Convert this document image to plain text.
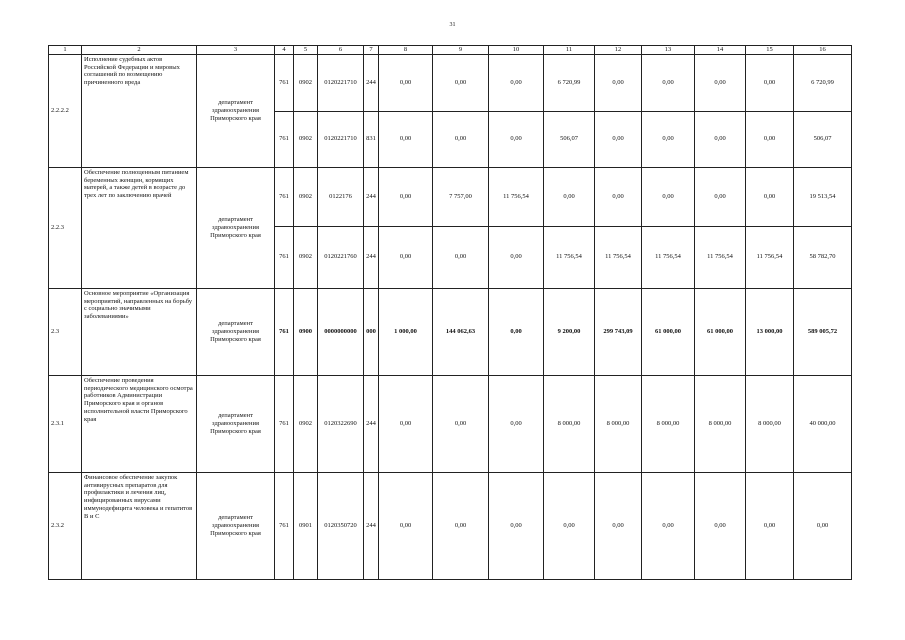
31
1	2	3	4	5	6	7	8	9	10	11	12	13	14	15	16
2.2.2.2	Исполнение судебных актов Российской Федерации и мировых соглашений по возмещению причиненного вреда	департамент здравоохранения Приморского края	761	0902	0120221710	244	0,00	0,00	0,00	6 720,99	0,00	0,00	0,00	0,00	6 720,99
			761	0902	0120221710	831	0,00	0,00	0,00	506,07	0,00	0,00	0,00	0,00	506,07
2.2.3	Обеспечение полноценным питанием беременных женщин, кормящих матерей, а также детей в возрасте до трех лет по заключению врачей	департамент здравоохранения Приморского края	761	0902	0122176	244	0,00	7 757,00	11 756,54	0,00	0,00	0,00	0,00	0,00	19 513,54
			761	0902	0120221760	244	0,00	0,00	0,00	11 756,54	11 756,54	11 756,54	11 756,54	11 756,54	58 782,70
2.3	Основное мероприятие «Организация мероприятий, направленных на борьбу с социально значимыми заболеваниями»	департамент здравоохранения Приморского края	761	0900	0000000000	000	1 000,00	144 062,63	0,00	9 200,00	299 743,09	61 000,00	61 000,00	13 000,00	589 005,72
2.3.1	Обеспечение проведения периодического медицинского осмотра работников Администрации Приморского края и органов исполнительной власти Приморского края	департамент здравоохранения Приморского края	761	0902	0120322690	244	0,00	0,00	0,00	8 000,00	8 000,00	8 000,00	8 000,00	8 000,00	40 000,00
2.3.2	Финансовое обеспечение закупок антивирусных препаратов для профилактики и лечения лиц, инфицированных вирусами иммунодефицита человека и гепатитов В и С	департамент здравоохранения Приморского края	761	0901	0120350720	244	0,00	0,00	0,00	0,00	0,00	0,00	0,00	0,00	0,00
